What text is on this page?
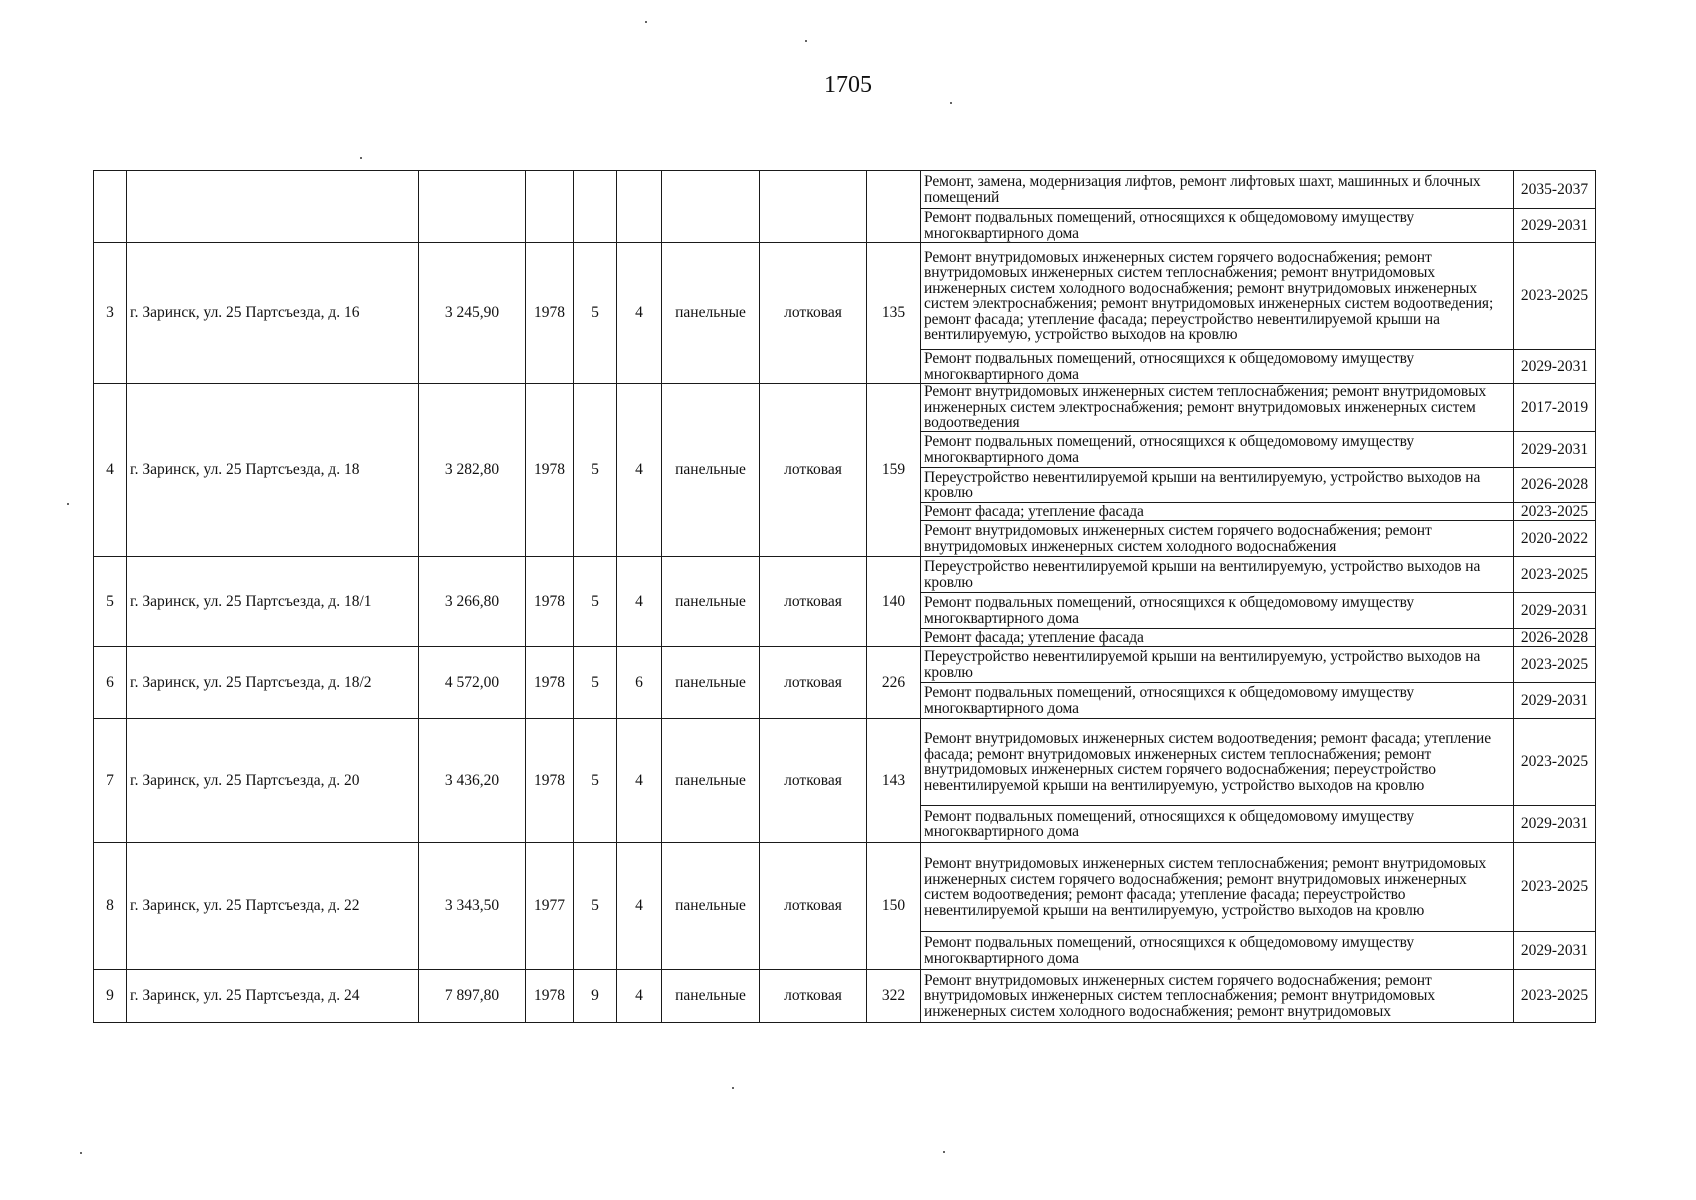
1705
									Ремонт, замена, модернизация лифтов, ремонт лифтовых шахт, машинных и блочных помещений	2035-2037
									Ремонт подвальных помещений, относящихся к общедомовому имуществу многоквартирного дома	2029-2031
3	г. Заринск, ул. 25 Партсъезда, д. 16	3 245,90	1978	5	4	панельные	лотковая	135	Ремонт внутридомовых инженерных систем горячего водоснабжения; ремонт внутридомовых инженерных систем теплоснабжения; ремонт внутридомовых инженерных систем холодного водоснабжения; ремонт внутридомовых инженерных систем электроснабжения; ремонт внутридомовых инженерных систем водоотведения; ремонт фасада; утепление фасада; переустройство невентилируемой крыши на вентилируемую, устройство выходов на кровлю	2023-2025
									Ремонт подвальных помещений, относящихся к общедомовому имуществу многоквартирного дома	2029-2031
4	г. Заринск, ул. 25 Партсъезда, д. 18	3 282,80	1978	5	4	панельные	лотковая	159	Ремонт внутридомовых инженерных систем теплоснабжения; ремонт внутридомовых инженерных систем электроснабжения; ремонт внутридомовых инженерных систем водоотведения	2017-2019
									Ремонт подвальных помещений, относящихся к общедомовому имуществу многоквартирного дома	2029-2031
									Переустройство невентилируемой крыши на вентилируемую, устройство выходов на кровлю	2026-2028
									Ремонт фасада; утепление фасада	2023-2025
									Ремонт внутридомовых инженерных систем горячего водоснабжения; ремонт внутридомовых инженерных систем холодного водоснабжения	2020-2022
5	г. Заринск, ул. 25 Партсъезда, д. 18/1	3 266,80	1978	5	4	панельные	лотковая	140	Переустройство невентилируемой крыши на вентилируемую, устройство выходов на кровлю	2023-2025
									Ремонт подвальных помещений, относящихся к общедомовому имуществу многоквартирного дома	2029-2031
									Ремонт фасада; утепление фасада	2026-2028
6	г. Заринск, ул. 25 Партсъезда, д. 18/2	4 572,00	1978	5	6	панельные	лотковая	226	Переустройство невентилируемой крыши на вентилируемую, устройство выходов на кровлю	2023-2025
									Ремонт подвальных помещений, относящихся к общедомовому имуществу многоквартирного дома	2029-2031
7	г. Заринск, ул. 25 Партсъезда, д. 20	3 436,20	1978	5	4	панельные	лотковая	143	Ремонт внутридомовых инженерных систем водоотведения; ремонт фасада; утепление фасада; ремонт внутридомовых инженерных систем теплоснабжения; ремонт внутридомовых инженерных систем горячего водоснабжения; переустройство невентилируемой крыши на вентилируемую, устройство выходов на кровлю	2023-2025
									Ремонт подвальных помещений, относящихся к общедомовому имуществу многоквартирного дома	2029-2031
8	г. Заринск, ул. 25 Партсъезда, д. 22	3 343,50	1977	5	4	панельные	лотковая	150	Ремонт внутридомовых инженерных систем теплоснабжения; ремонт внутридомовых инженерных систем горячего водоснабжения; ремонт внутридомовых инженерных систем водоотведения; ремонт фасада; утепление фасада; переустройство невентилируемой крыши на вентилируемую, устройство выходов на кровлю	2023-2025
									Ремонт подвальных помещений, относящихся к общедомовому имуществу многоквартирного дома	2029-2031
9	г. Заринск, ул. 25 Партсъезда, д. 24	7 897,80	1978	9	4	панельные	лотковая	322	Ремонт внутридомовых инженерных систем горячего водоснабжения; ремонт внутридомовых инженерных систем теплоснабжения; ремонт внутридомовых инженерных систем холодного водоснабжения; ремонт внутридомовых	2023-2025
